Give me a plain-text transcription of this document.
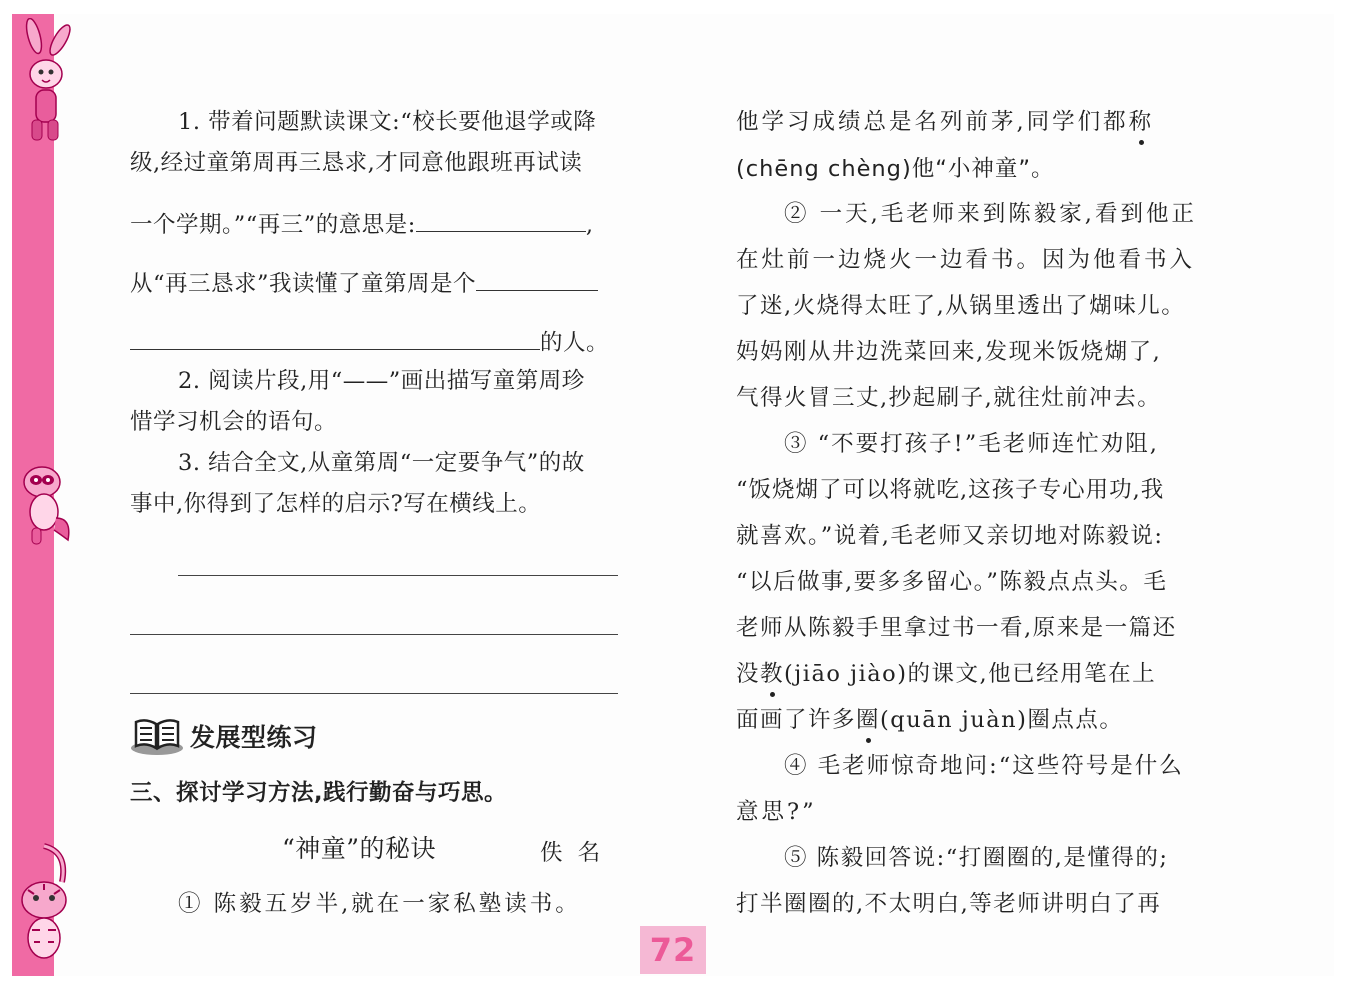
1. 带着问题默读课文:“校长要他退学或降
级,经过童第周再三恳求,才同意他跟班再试读
一个学期。”“再三”的意思是:	,
从“再三恳求”我读懂了童第周是个
的人。
2. 阅读片段,用“——”画出描写童第周珍
惜学习机会的语句。
3. 结合全文,从童第周“一定要争气”的故
事中,你得到了怎样的启示?写在横线上。
发展型练习
三、探讨学习方法,践行勤奋与巧思。
“神童”的秘诀	佚 名
① 陈毅五岁半,就在一家私塾读书。
他学习成绩总是名列前茅,同学们都称
(chēng chèng)他“小神童”。
② 一天,毛老师来到陈毅家,看到他正
在灶前一边烧火一边看书。因为他看书入
了迷,火烧得太旺了,从锅里透出了煳味儿。
妈妈刚从井边洗菜回来,发现米饭烧煳了,
气得火冒三丈,抄起刷子,就往灶前冲去。
③ “不要打孩子!”毛老师连忙劝阻,
“饭烧煳了可以将就吃,这孩子专心用功,我
就喜欢。”说着,毛老师又亲切地对陈毅说:
“以后做事,要多多留心。”陈毅点点头。毛
老师从陈毅手里拿过书一看,原来是一篇还
没教(jiāo jiào)的课文,他已经用笔在上
面画了许多圈(quān juàn)圈点点。
④ 毛老师惊奇地问:“这些符号是什么
意思?”
⑤ 陈毅回答说:“打圈圈的,是懂得的;
打半圈圈的,不太明白,等老师讲明白了再
72
